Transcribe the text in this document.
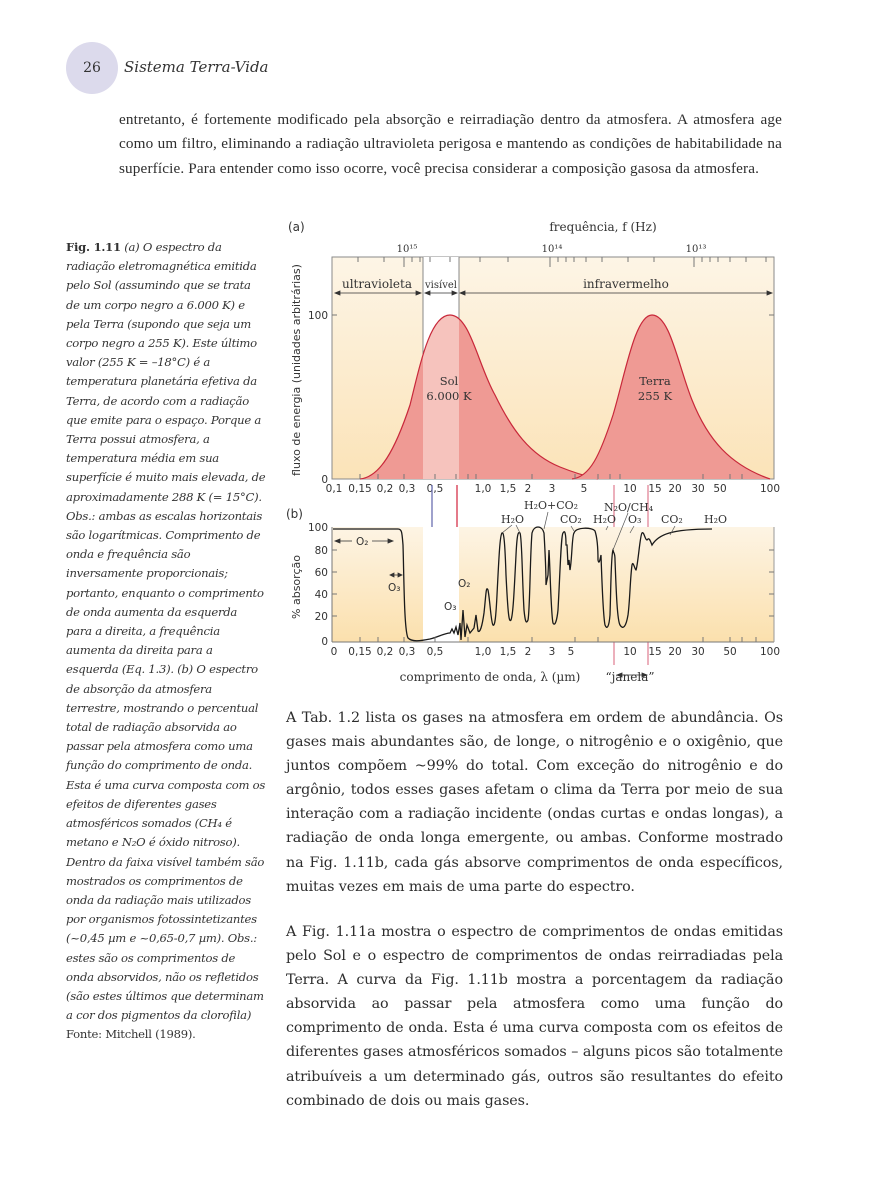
26 Sistema Terra-Vida

entretanto, é fortemente modificado pela absorção e reirradiação dentro da atmosfera. A atmosfera age como um filtro, eliminando a radiação ultravioleta perigosa e mantendo as condições de habitabilidade na superfície. Para entender como isso ocorre, você precisa considerar a composição gasosa da atmosfera.

Fig. 1.11 (a) O espectro da radiação eletromagnética emitida pelo Sol (assumindo que se trata de um corpo negro a 6.000 K) e pela Terra (supondo que seja um corpo negro a 255 K). Este último valor (255 K = –18°C) é a temperatura planetária efetiva da Terra, de acordo com a radiação que emite para o espaço. Porque a Terra possui atmosfera, a temperatura média em sua superfície é muito mais elevada, de aproximadamente 288 K (= 15°C). Obs.: ambas as escalas horizontais são logarítmicas. Comprimento de onda e frequência são inversamente proporcionais; portanto, enquanto o comprimento de onda aumenta da esquerda para a direita, a frequência aumenta da direita para a esquerda (Eq. 1.3). (b) O espectro de absorção da atmosfera terrestre, mostrando o percentual total de radiação absorvida ao passar pela atmosfera como uma função do comprimento de onda. Esta é uma curva composta com os efeitos de diferentes gases atmosféricos somados (CH₄ é metano e N₂O é óxido nitroso). Dentro da faixa visível também são mostrados os comprimentos de onda da radiação mais utilizados por organismos fotossintetizantes (~0,45 µm e ~0,65-0,7 µm). Obs.: estes são os comprimentos de onda absorvidos, não os refletidos (são estes últimos que determinam a cor dos pigmentos da clorofila) Fonte: Mitchell (1989).
(a)	frequência, f (Hz)
10¹⁵	10¹⁴	10¹³
ultravioleta visível	infravermelho
Sol
6.000 K
Terra
255 K
100
0
fluxo de energia (unidades arbitrárias)
0,1 0,15 0,2 0,3 0,5	1,0 1,5 2 3 5	10 15 20 30 50	100
(b)
100
80
60
40
20
0
% absorção
O₂
O₃
O₃
O₂
H₂O
H₂O+CO₂
CO₂ H₂O
N₂O/CH₄
O₃ CO₂ H₂O
0 0,15 0,2 0,3 0,5	1,0 1,5 2 3 5	10 15 20 30 50 100
comprimento de onda, λ (µm) “janela”

A Tab. 1.2 lista os gases na atmosfera em ordem de abundância. Os gases mais abundantes são, de longe, o nitrogênio e o oxigênio, que juntos compõem ~99% do total. Com exceção do nitrogênio e do argônio, todos esses gases afetam o clima da Terra por meio de sua interação com a radiação incidente (ondas curtas e ondas longas), a radiação de onda longa emergente, ou ambas. Conforme mostrado na Fig. 1.11b, cada gás absorve comprimentos de onda específicos, muitas vezes em mais de uma parte do espectro.

A Fig. 1.11a mostra o espectro de comprimentos de ondas emitidas pelo Sol e o espectro de comprimentos de ondas reirradiadas pela Terra. A curva da Fig. 1.11b mostra a porcentagem da radiação absorvida ao passar pela atmosfera como uma função do comprimento de onda. Esta é uma curva composta com os efeitos de diferentes gases atmosféricos somados – alguns picos são totalmente atribuíveis a um determinado gás, outros são resultantes do efeito combinado de dois ou mais gases.
